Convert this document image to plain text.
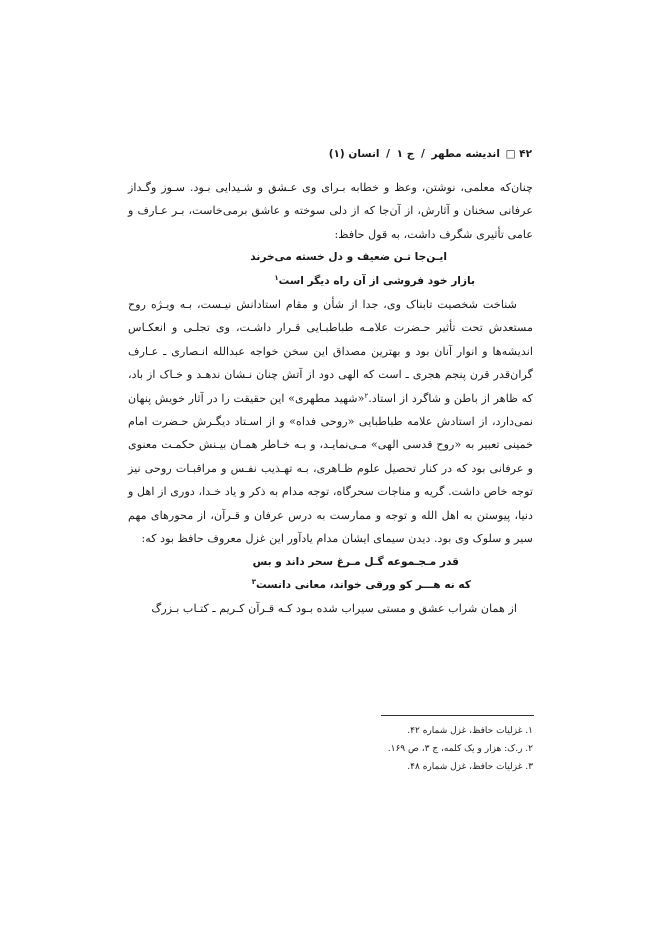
۴۲ □ اندیشه مطهر / ج ۱ / انسان (۱)

چنان‌که معلمی، نوشتن، وعظ و خطابه بـرای وی عـشق و شـیدایی بـود. سـوز وگـداز عرفانی سخنان و آثارش، از آن‌جا که از دلی سوخته و عاشق برمی‌خاست، بـر عـارف و عامی تأثیری شگرف داشت، به قول حافظ:

ایـن‌جا تـن ضعیف و دل خسته می‌خرند

بازار خود فروشی از آن راه دیگر است$^۱$

شناخت شخصیت تابناک وی، جدا از شأن و مقام استادانش نیـست، بـه ویـژه روح مستعدش تحت تأثیر حـضرت علامـه طباطبـایی قـرار داشـت، وی تجلـی و انعکـاس اندیشه‌ها و انوار آنان بود و بهترین مصداق این سخن خواجه عبدالله انـصاری ـ عـارف گران‌قدر قرن پنجم هجری ـ است که الهی دود از آتش چنان نـشان ندهـد و خـاک از باد، که ظاهر از باطن و شاگرد از استاد.$^۲$«شهید مطهری» این حقیقت را در آثار خویش پنهان نمی‌دارد، از استادش علامه طباطبایی «روحی فداه» و از اسـتاد دیگـرش حـضرت امام خمینی تعبیر به «روح قدسی الهی» مـی‌نمایـد، و بـه خـاطر همـان بیـنش حکمـت معنوی و عرفانی بود که در کنار تحصیل علوم ظـاهری، بـه تهـذیب نفـس و مراقبـات روحی نیز توجه خاص داشت. گریه و مناجات سحرگاه، توجه مدام به ذکر و یاد خـدا، دوری از اهل و دنیا، پیوستن به اهل الله و توجه و ممارست به درس عرفان و قـرآن، از محورهای مهم سیر و سلوک وی بود. دیدن سیمای ایشان مدام یادآور این غزل معروف حافظ بود که:

قدر مـجـموعه گـل مـرغ سحر داند و بس

که نه هـــر کو ورقی خواند، معانی دانست$^۳$

از همان شراب عشق و مستی سیراب شده بـود کـه قـرآن کـریم ـ کتـاب بـزرگ

۱. غزلیات حافظ، غزل شماره ۴۲.
۲. ر.ک: هزار و یک کلمه، ج ۳، ص ۱۶۹.
۳. غزلیات حافظ، غزل شماره ۴۸.
